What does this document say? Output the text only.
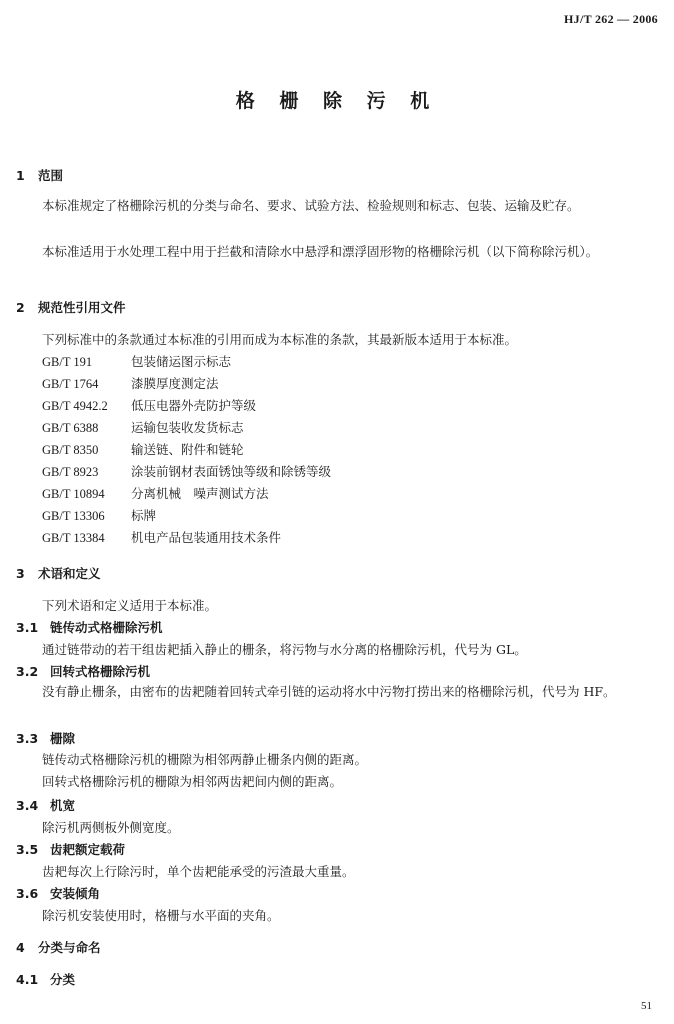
HJ/T 262 — 2006
格 栅 除 污 机
1 范围
本标准规定了格栅除污机的分类与命名、要求、试验方法、检验规则和标志、包装、运输及贮存。
本标准适用于水处理工程中用于拦截和清除水中悬浮和漂浮固形物的格栅除污机（以下简称除污机）。
2 规范性引用文件
下列标准中的条款通过本标准的引用而成为本标准的条款，其最新版本适用于本标准。
GB/T 191	包装储运图示标志
GB/T 1764	漆膜厚度测定法
GB/T 4942.2 低压电器外壳防护等级
GB/T 6388	运输包装收发货标志
GB/T 8350	输送链、附件和链轮
GB/T 8923	涂装前钢材表面锈蚀等级和除锈等级
GB/T 10894 分离机械　噪声测试方法
GB/T 13306 标牌
GB/T 13384 机电产品包装通用技术条件
3 术语和定义
下列术语和定义适用于本标准。
3.1 链传动式格栅除污机
通过链带动的若干组齿耙插入静止的栅条，将污物与水分离的格栅除污机，代号为 GL。
3.2 回转式格栅除污机
没有静止栅条，由密布的齿耙随着回转式牵引链的运动将水中污物打捞出来的格栅除污机，代号为 HF。
3.3 栅隙
链传动式格栅除污机的栅隙为相邻两静止栅条内侧的距离。
回转式格栅除污机的栅隙为相邻两齿耙间内侧的距离。
3.4 机宽
除污机两侧板外侧宽度。
3.5 齿耙额定载荷
齿耙每次上行除污时，单个齿耙能承受的污渣最大重量。
3.6 安装倾角
除污机安装使用时，格栅与水平面的夹角。
4 分类与命名
4.1 分类
51
